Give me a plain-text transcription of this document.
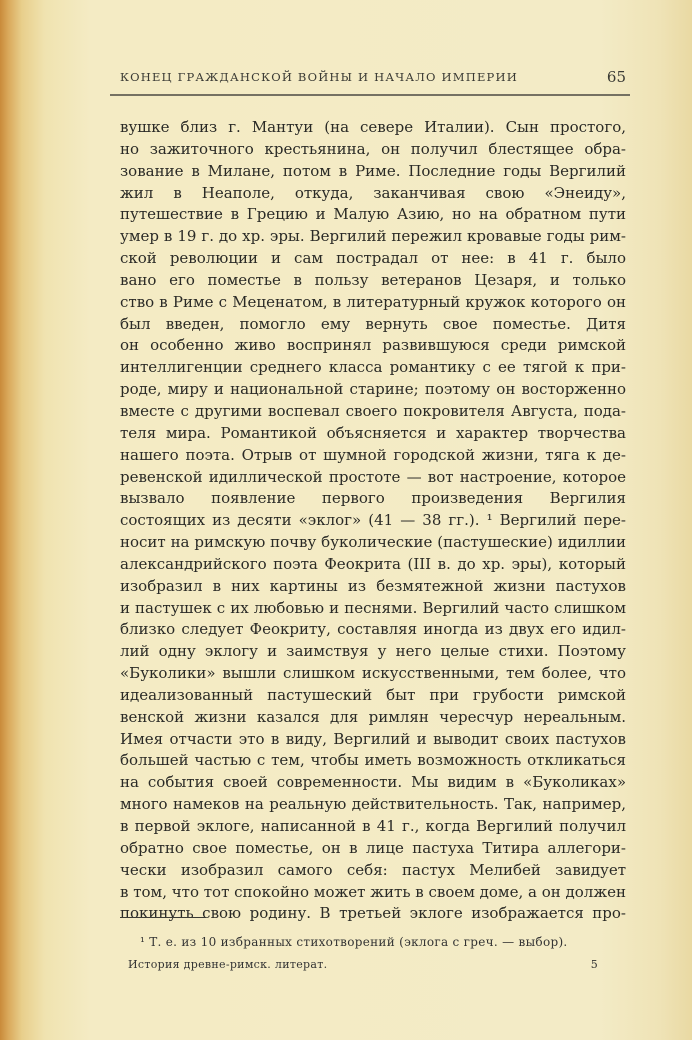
КОНЕЦ ГРАЖДАНСКОЙ ВОЙНЫ И НАЧАЛО ИМПЕРИИ	65
вушке близ г. Мантуи (на севере Италии). Сын простого,
но зажиточного крестьянина, он получил блестящее обра-
зование в Милане, потом в Риме. Последние годы Вергилий
жил в Неаполе, откуда, заканчивая свою «Энеиду»,
путешествие в Грецию и Малую Азию, но на обратном пути
умер в 19 г. до хр. эры. Вергилий пережил кровавые годы рим-
ской революции и сам пострадал от нее: в 41 г. было
вано его поместье в пользу ветеранов Цезаря, и только
ство в Риме с Меценатом, в литературный кружок которого он
был введен, помогло ему вернуть свое поместье. Дитя
он особенно живо воспринял развившуюся среди римской
интеллигенции среднего класса романтику с ее тягой к при-
роде, миру и национальной старине; поэтому он восторженно
вместе с другими воспевал своего покровителя Августа, пода-
теля мира. Романтикой объясняется и характер творчества
нашего поэта. Отрыв от шумной городской жизни, тяга к де-
ревенской идиллической простоте — вот настроение, которое
вызвало появление первого произведения Вергилия
состоящих из десяти «эклог» (41 — 38 гг.). ¹ Вергилий пере-
носит на римскую почву буколические (пастушеские) идиллии
александрийского поэта Феокрита (III в. до хр. эры), который
изобразил в них картины из безмятежной жизни пастухов
и пастушек с их любовью и песнями. Вергилий часто слишком
близко следует Феокриту, составляя иногда из двух его идил-
лий одну эклогу и заимствуя у него целые стихи. Поэтому
«Буколики» вышли слишком искусственными, тем более, что
идеализованный пастушеский быт при грубости римской
венской жизни казался для римлян чересчур нереальным.
Имея отчасти это в виду, Вергилий и выводит своих пастухов
большей частью с тем, чтобы иметь возможность откликаться
на события своей современности. Мы видим в «Буколиках»
много намеков на реальную действительность. Так, например,
в первой эклоге, написанной в 41 г., когда Вергилий получил
обратно свое поместье, он в лице пастуха Титира аллегори-
чески изобразил самого себя: пастух Мелибей завидует
в том, что тот спокойно может жить в своем доме, а он должен
покинуть свою родину. В третьей эклоге изображается про-
¹ Т. е. из 10 избранных стихотворений (эклога с греч. — выбор).
История древне-римск. литерат.	5
